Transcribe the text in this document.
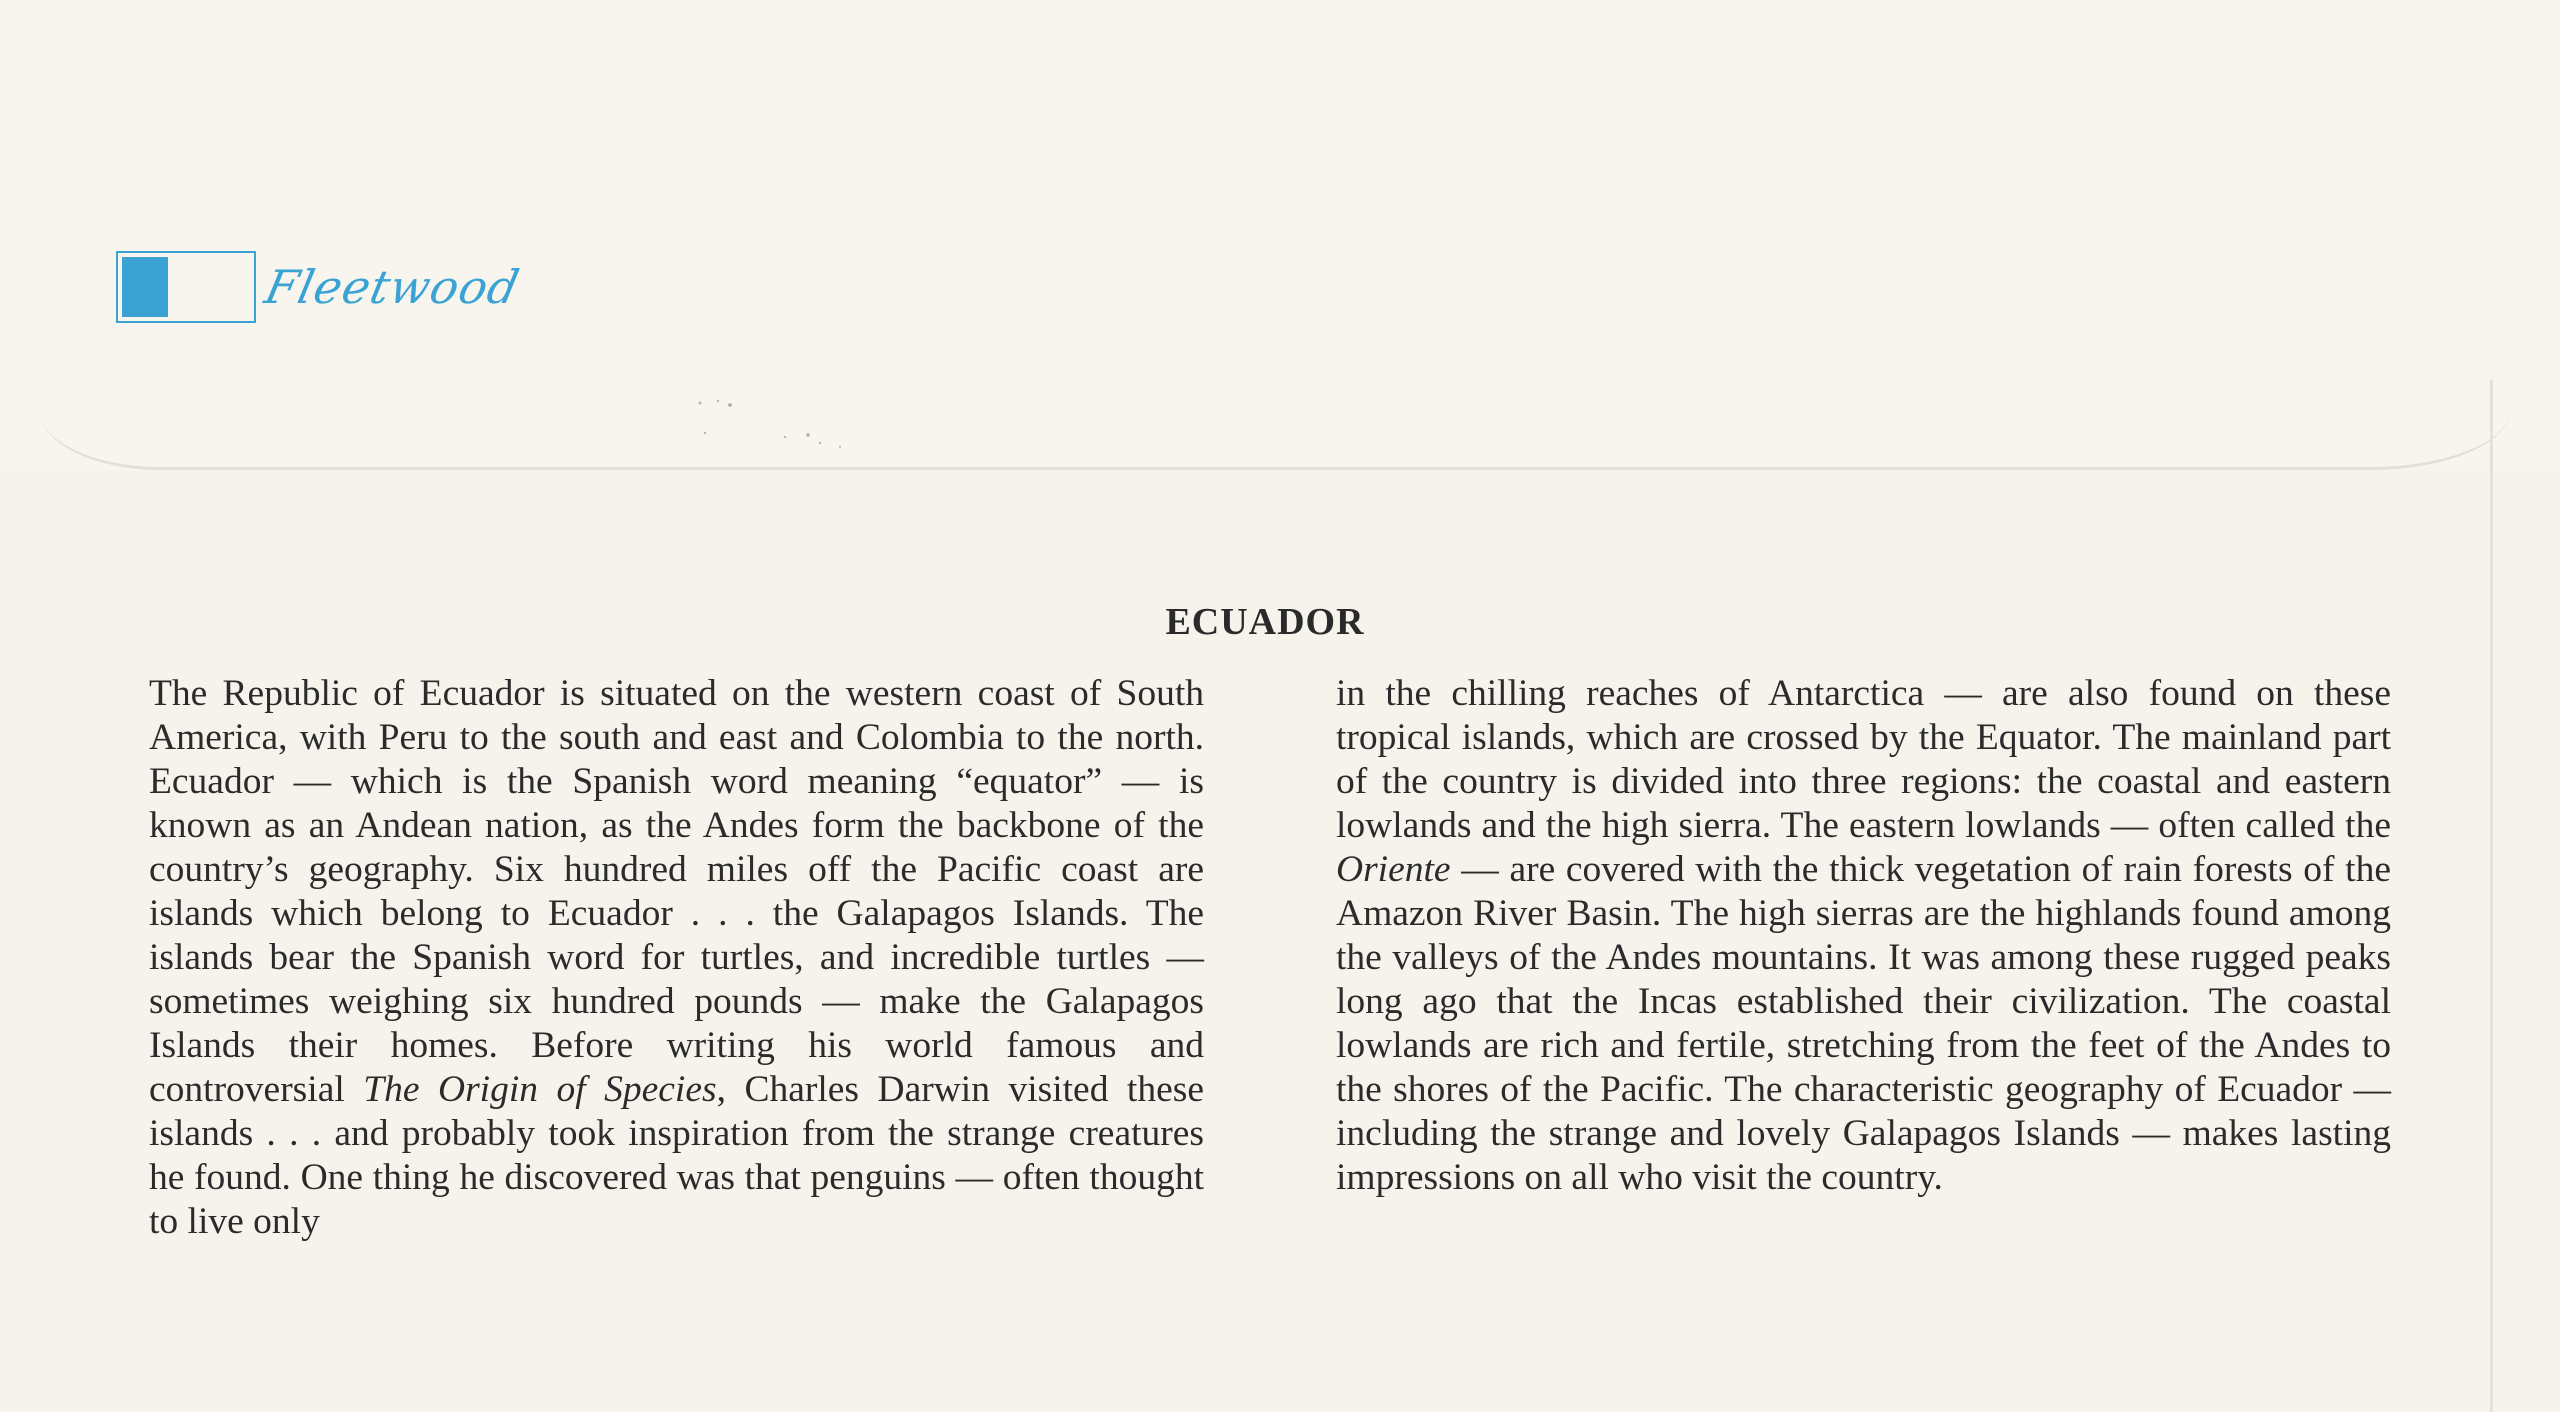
Fleetwood
ECUADOR

The Republic of Ecuador is situated on the western coast of South America, with Peru to the south and east and Colombia to the north. Ecuador — which is the Spanish word meaning “equator” — is known as an Andean nation, as the Andes form the backbone of the country’s geography. Six hundred miles off the Pacific coast are islands which belong to Ecuador . . . the Galapagos Islands. The islands bear the Spanish word for turtles, and incredible turtles — sometimes weighing six hundred pounds — make the Galapagos Islands their homes. Before writing his world famous and controversial The Origin of Species, Charles Darwin visited these islands . . . and probably took inspiration from the strange creatures he found. One thing he discovered was that penguins — often thought to live only

in the chilling reaches of Antarctica — are also found on these tropical islands, which are crossed by the Equator. The mainland part of the country is divided into three regions: the coastal and eastern lowlands and the high sierra. The eastern lowlands — often called the Oriente — are covered with the thick vegetation of rain forests of the Amazon River Basin. The high sierras are the highlands found among the valleys of the Andes mountains. It was among these rugged peaks long ago that the Incas established their civilization. The coastal lowlands are rich and fertile, stretching from the feet of the Andes to the shores of the Pacific. The characteristic geography of Ecuador — including the strange and lovely Galapagos Islands — makes lasting impressions on all who visit the country.
